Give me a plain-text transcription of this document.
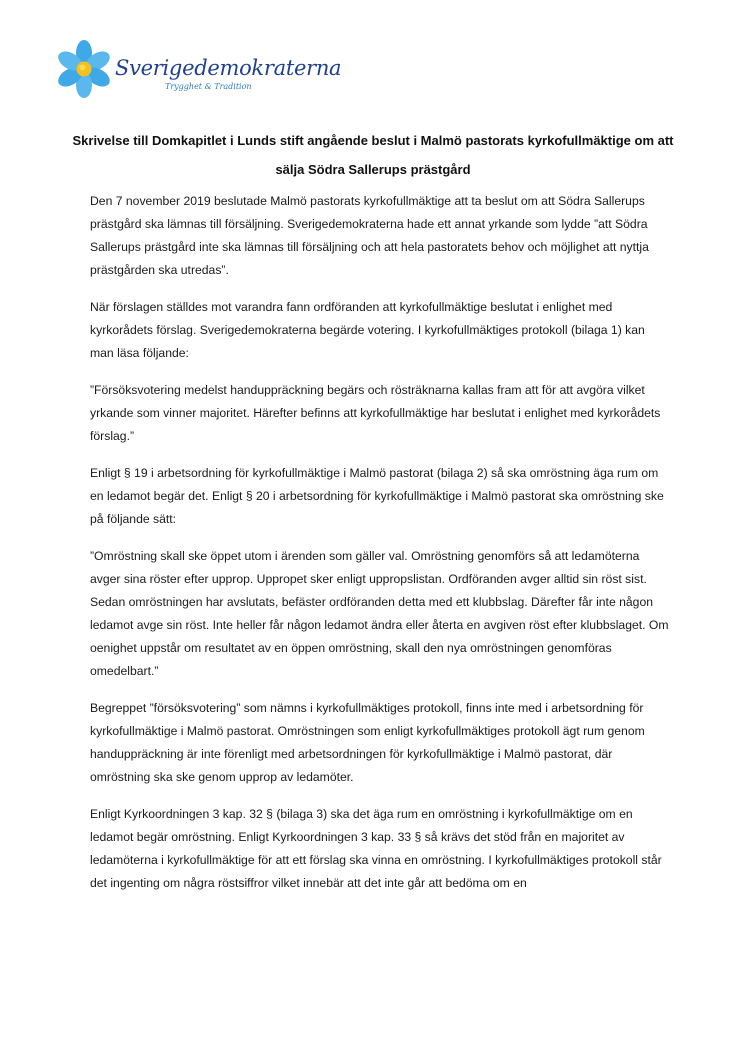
Sverigedemokraterna
Trygghet & Tradition
Skrivelse till Domkapitlet i Lunds stift angående beslut i Malmö pastorats kyrkofullmäktige om att sälja Södra Sallerups prästgård

Den 7 november 2019 beslutade Malmö pastorats kyrkofullmäktige att ta beslut om att Södra Sallerups prästgård ska lämnas till försäljning. Sverigedemokraterna hade ett annat yrkande som lydde ”att Södra Sallerups prästgård inte ska lämnas till försäljning och att hela pastoratets behov och möjlighet att nyttja prästgården ska utredas”.

När förslagen ställdes mot varandra fann ordföranden att kyrkofullmäktige beslutat i enlighet med kyrkorådets förslag. Sverigedemokraterna begärde votering. I kyrkofullmäktiges protokoll (bilaga 1) kan man läsa följande:

”Försöksvotering medelst handuppräckning begärs och rösträknarna kallas fram att för att avgöra vilket yrkande som vinner majoritet. Härefter befinns att kyrkofullmäktige har beslutat i enlighet med kyrkorådets förslag.”

Enligt § 19 i arbetsordning för kyrkofullmäktige i Malmö pastorat (bilaga 2) så ska omröstning äga rum om en ledamot begär det. Enligt § 20 i arbetsordning för kyrkofullmäktige i Malmö pastorat ska omröstning ske på följande sätt:

”Omröstning skall ske öppet utom i ärenden som gäller val. Omröstning genomförs så att ledamöterna avger sina röster efter upprop. Uppropet sker enligt uppropslistan. Ordföranden avger alltid sin röst sist. Sedan omröstningen har avslutats, befäster ordföranden detta med ett klubbslag. Därefter får inte någon ledamot avge sin röst. Inte heller får någon ledamot ändra eller återta en avgiven röst efter klubbslaget. Om oenighet uppstår om resultatet av en öppen omröstning, skall den nya omröstningen genomföras omedelbart.”

Begreppet ”försöksvotering” som nämns i kyrkofullmäktiges protokoll, finns inte med i arbetsordning för kyrkofullmäktige i Malmö pastorat. Omröstningen som enligt kyrkofullmäktiges protokoll ägt rum genom handuppräckning är inte förenligt med arbetsordningen för kyrkofullmäktige i Malmö pastorat, där omröstning ska ske genom upprop av ledamöter.

Enligt Kyrkoordningen 3 kap. 32 § (bilaga 3) ska det äga rum en omröstning i kyrkofullmäktige om en ledamot begär omröstning. Enligt Kyrkoordningen 3 kap. 33 § så krävs det stöd från en majoritet av ledamöterna i kyrkofullmäktige för att ett förslag ska vinna en omröstning. I kyrkofullmäktiges protokoll står det ingenting om några röstsiffror vilket innebär att det inte går att bedöma om en
